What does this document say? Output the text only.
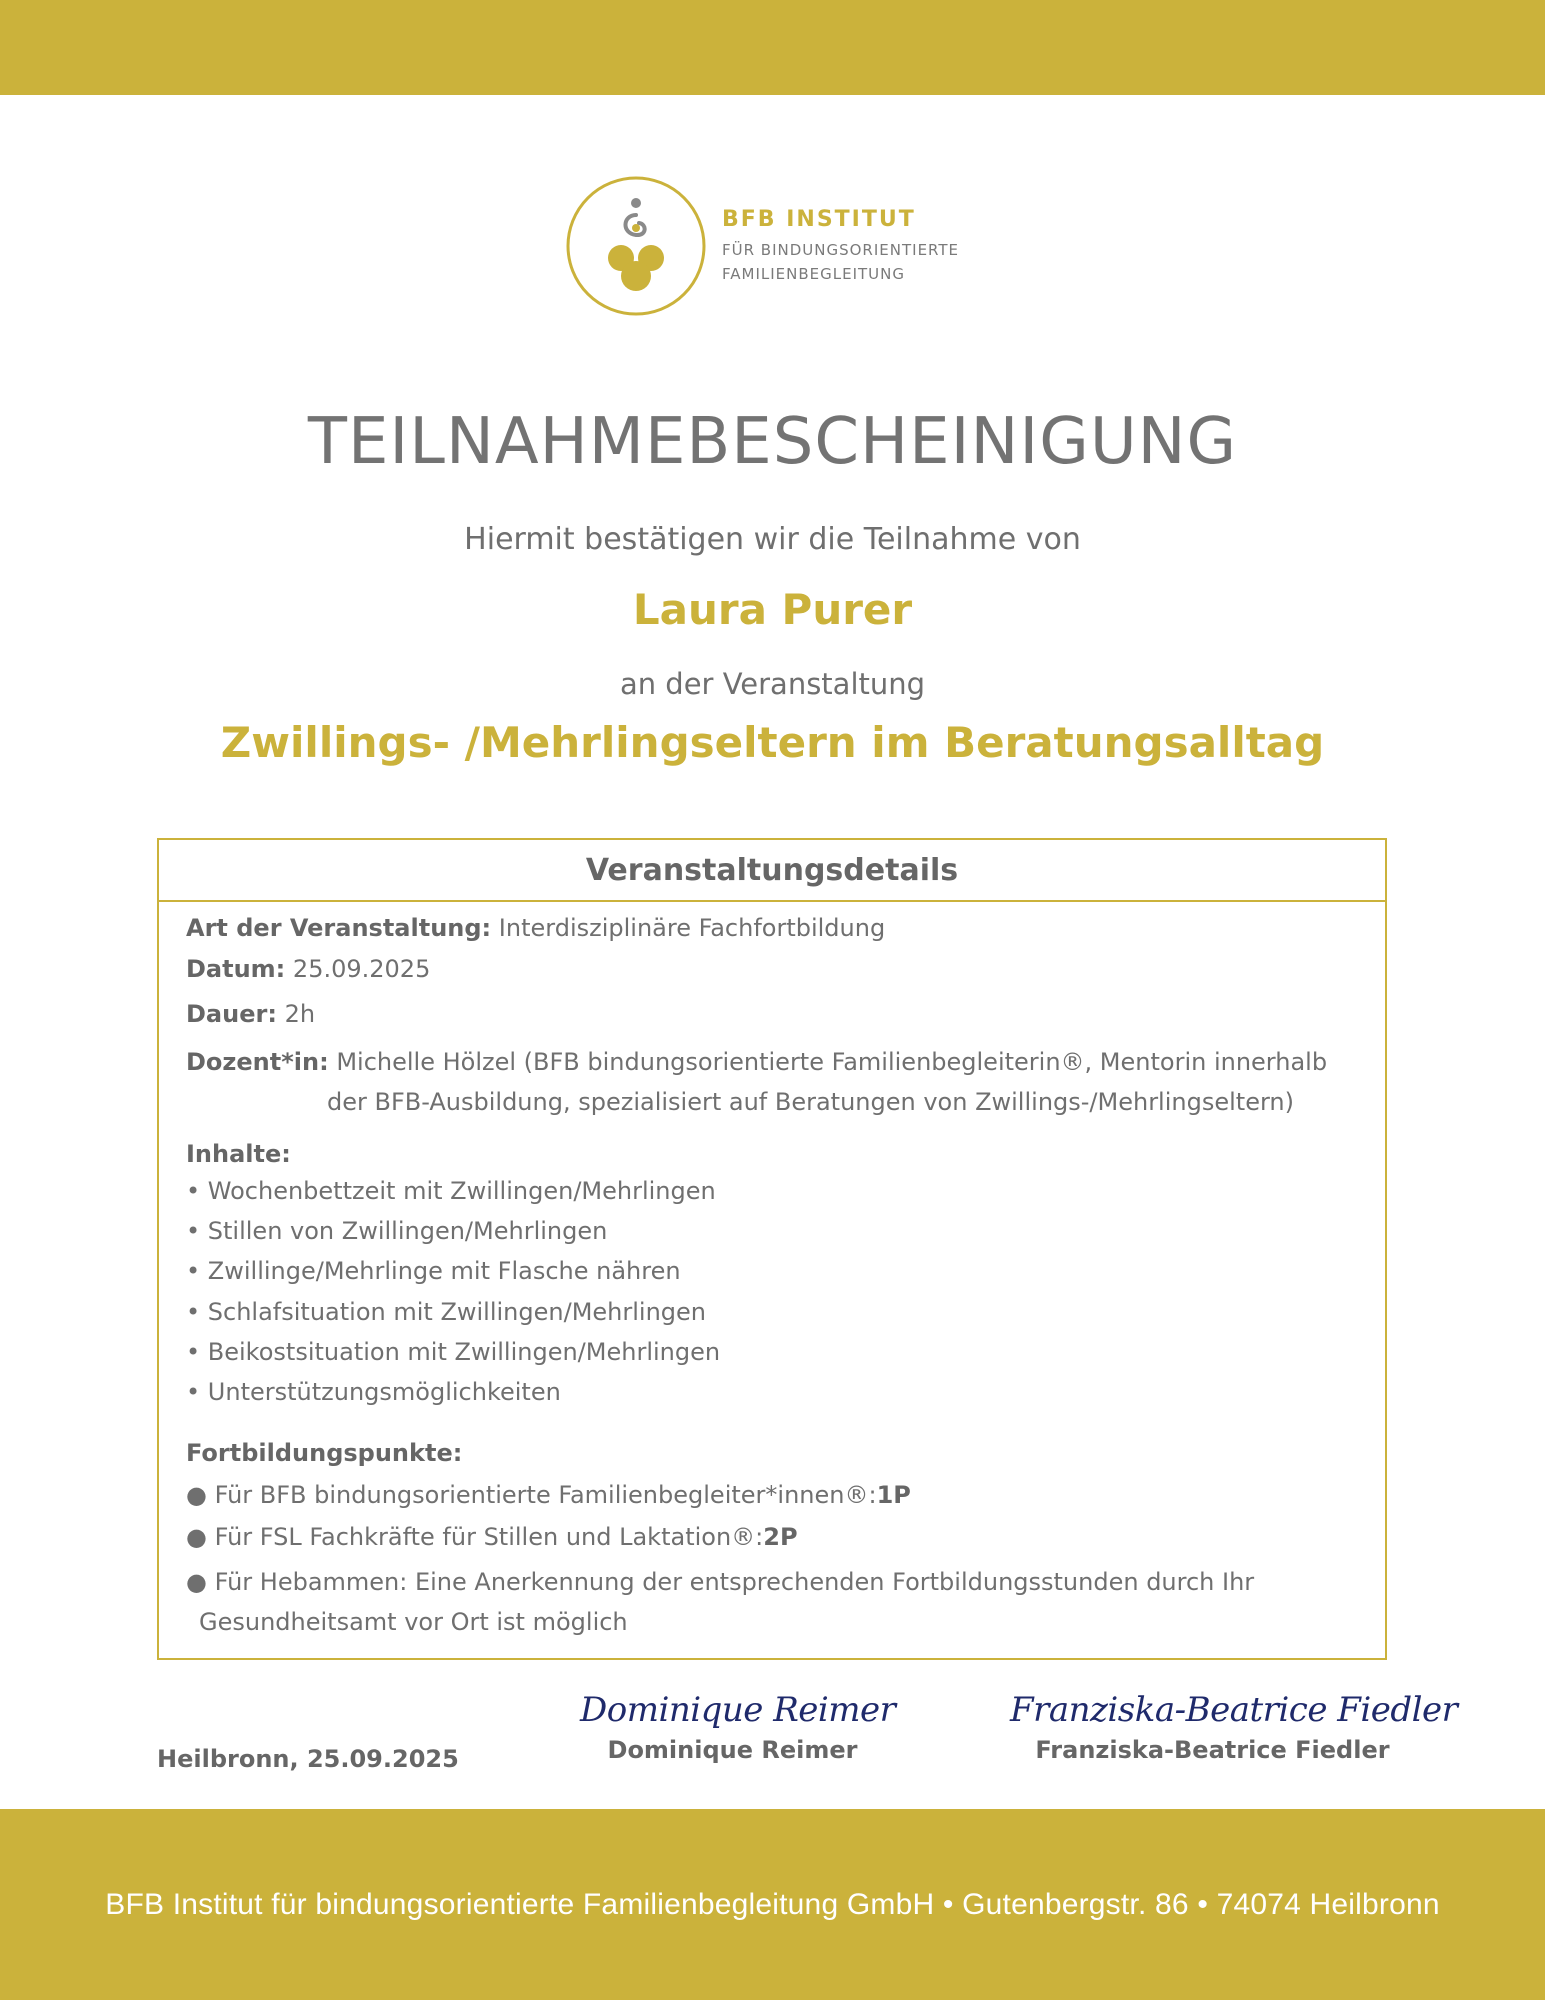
BFB INSTITUT
FÜR BINDUNGSORIENTIERTE
FAMILIENBEGLEITUNG
TEILNAHMEBESCHEINIGUNG
Hiermit bestätigen wir die Teilnahme von
Laura Purer
an der Veranstaltung
Zwillings- /Mehrlingseltern im Beratungsalltag
Veranstaltungsdetails
Art der Veranstaltung: Interdisziplinäre Fachfortbildung
Datum: 25.09.2025
Dauer: 2h
Dozent*in: Michelle Hölzel (BFB bindungsorientierte Familienbegleiterin®, Mentorin innerhalb
der BFB-Ausbildung, spezialisiert auf Beratungen von Zwillings-/Mehrlingseltern)
Inhalte:
• Wochenbettzeit mit Zwillingen/Mehrlingen
• Stillen von Zwillingen/Mehrlingen
• Zwillinge/Mehrlinge mit Flasche nähren
• Schlafsituation mit Zwillingen/Mehrlingen
• Beikostsituation mit Zwillingen/Mehrlingen
• Unterstützungsmöglichkeiten
Fortbildungspunkte:
● Für BFB bindungsorientierte Familienbegleiter*innen®:1P
● Für FSL Fachkräfte für Stillen und Laktation®:2P
● Für Hebammen: Eine Anerkennung der entsprechenden Fortbildungsstunden durch Ihr
Gesundheitsamt vor Ort ist möglich
Heilbronn, 25.09.2025
Dominique Reimer
Dominique Reimer
Franziska-Beatrice Fiedler
Franziska-Beatrice Fiedler
BFB Institut für bindungsorientierte Familienbegleitung GmbH • Gutenbergstr. 86 • 74074 Heilbronn
